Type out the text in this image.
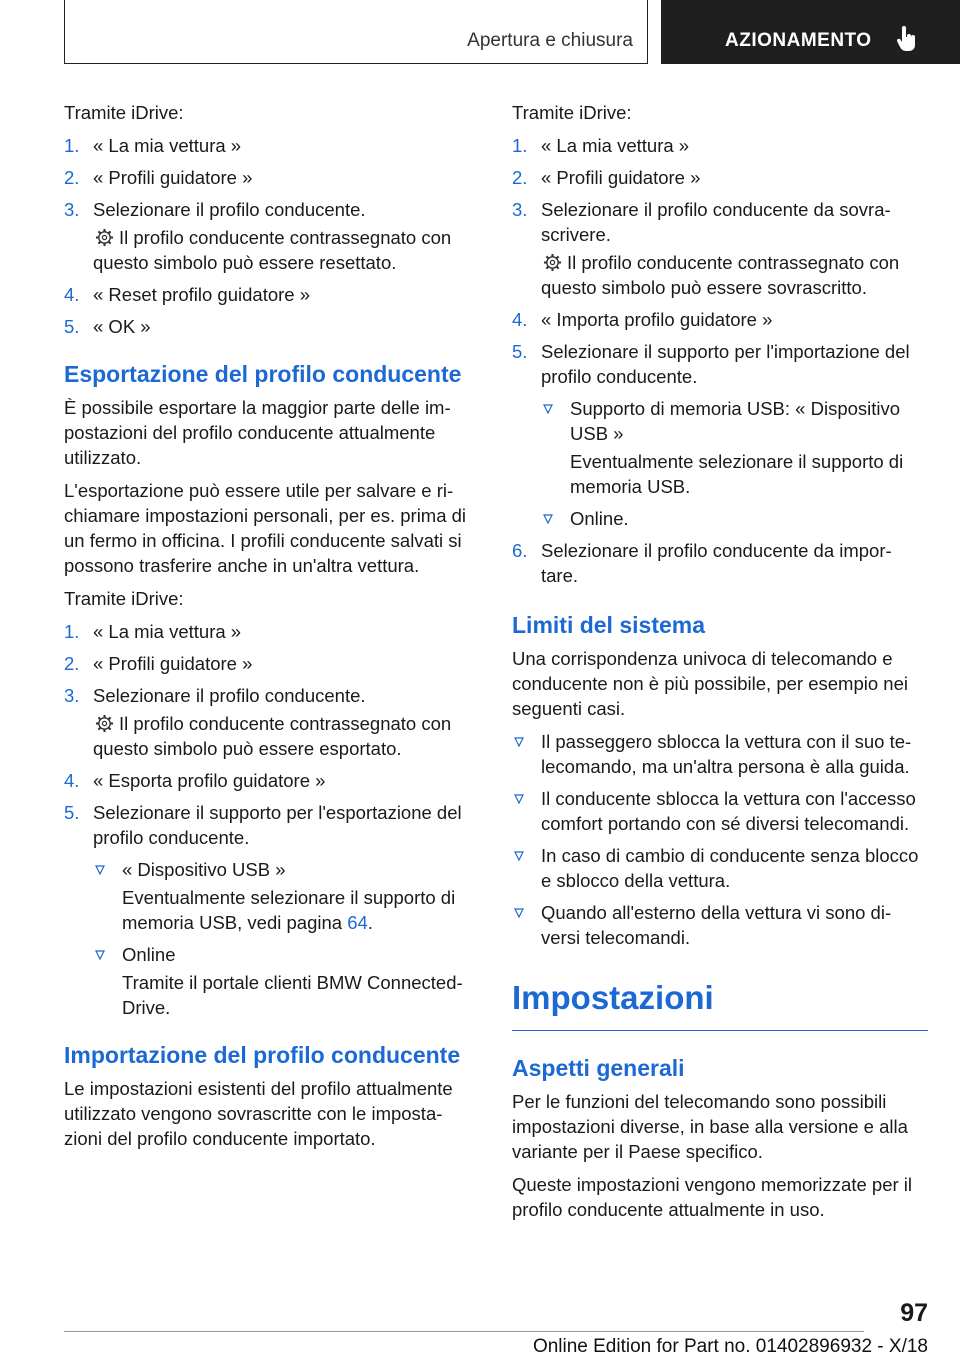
Apertura e chiusura	AZIONAMENTO

Tramite iDrive:

1. « La mia vettura »
2. « Profili guidatore »
3. Selezionare il profilo conducente.

Il profilo conducente contrassegnato con questo simbolo può essere resettato.

4. « Reset profilo guidatore »
5. « OK »
Esportazione del profilo conducente

È possibile esportare la maggior parte delle im-postazioni del profilo conducente attualmente utilizzato.

L'esportazione può essere utile per salvare e ri-chiamare impostazioni personali, per es. prima di un fermo in officina. I profili conducente salvati si possono trasferire anche in un'altra vettura.

Tramite iDrive:

1. « La mia vettura »
2. « Profili guidatore »
3. Selezionare il profilo conducente.

Il profilo conducente contrassegnato con questo simbolo può essere esportato.

4. « Esporta profilo guidatore »
5. Selezionare il supporto per l'esportazione del profilo conducente.
« Dispositivo USB »

Eventualmente selezionare il supporto di memoria USB, vedi pagina 64.

Online

Tramite il portale clienti BMW Connected-Drive.

Importazione del profilo conducente

Le impostazioni esistenti del profilo attualmente utilizzato vengono sovrascritte con le imposta-zioni del profilo conducente importato.

Tramite iDrive:

1. « La mia vettura »
2. « Profili guidatore »
3. Selezionare il profilo conducente da sovra-scrivere.

Il profilo conducente contrassegnato con questo simbolo può essere sovrascritto.

4. « Importa profilo guidatore »
5. Selezionare il supporto per l'importazione del profilo conducente.
Supporto di memoria USB: « Dispositivo USB »

Eventualmente selezionare il supporto di memoria USB.

Online.
6. Selezionare il profilo conducente da impor-tare.
Limiti del sistema

Una corrispondenza univoca di telecomando e conducente non è più possibile, per esempio nei seguenti casi.

Il passeggero sblocca la vettura con il suo te-lecomando, ma un'altra persona è alla guida.
Il conducente sblocca la vettura con l'accesso comfort portando con sé diversi telecomandi.
In caso di cambio di conducente senza blocco e sblocco della vettura.
Quando all'esterno della vettura vi sono di-versi telecomandi.
Impostazioni
Aspetti generali

Per le funzioni del telecomando sono possibili impostazioni diverse, in base alla versione e alla variante per il Paese specifico.

Queste impostazioni vengono memorizzate per il profilo conducente attualmente in uso.

97
Online Edition for Part no. 01402896932 - X/18
